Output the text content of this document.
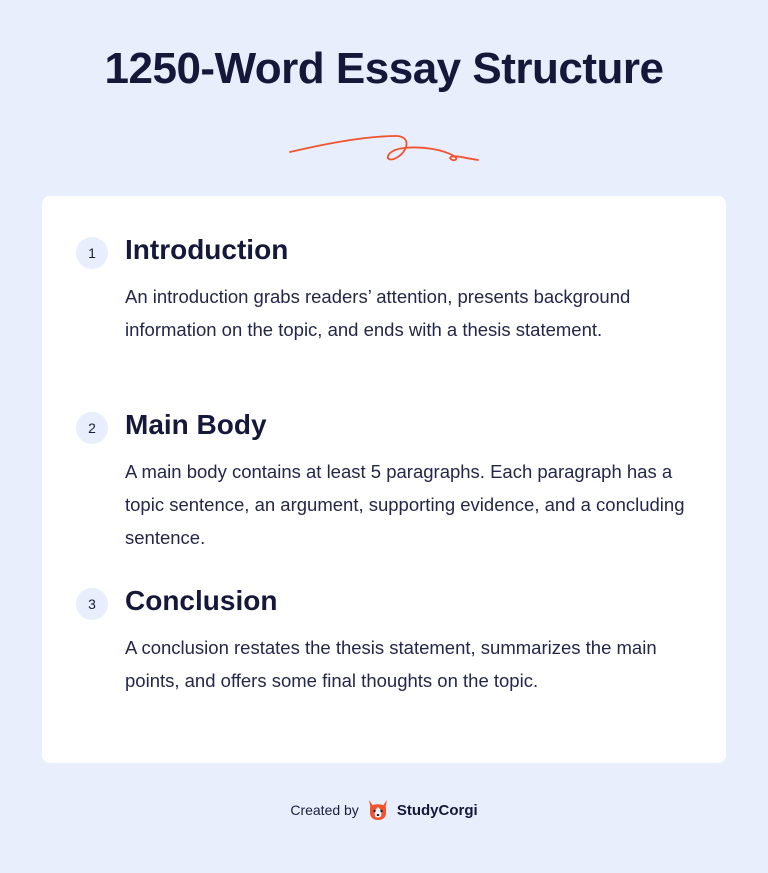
1250-Word Essay Structure
1	Introduction

An introduction grabs readers’ attention, presents background information on the topic, and ends with a thesis statement.

2	Main Body

A main body contains at least 5 paragraphs. Each paragraph has a topic sentence, an argument, supporting evidence, and a concluding sentence.

3	Conclusion

A conclusion restates the thesis statement, summarizes the main points, and offers some final thoughts on the topic.

Created by	StudyCorgi
